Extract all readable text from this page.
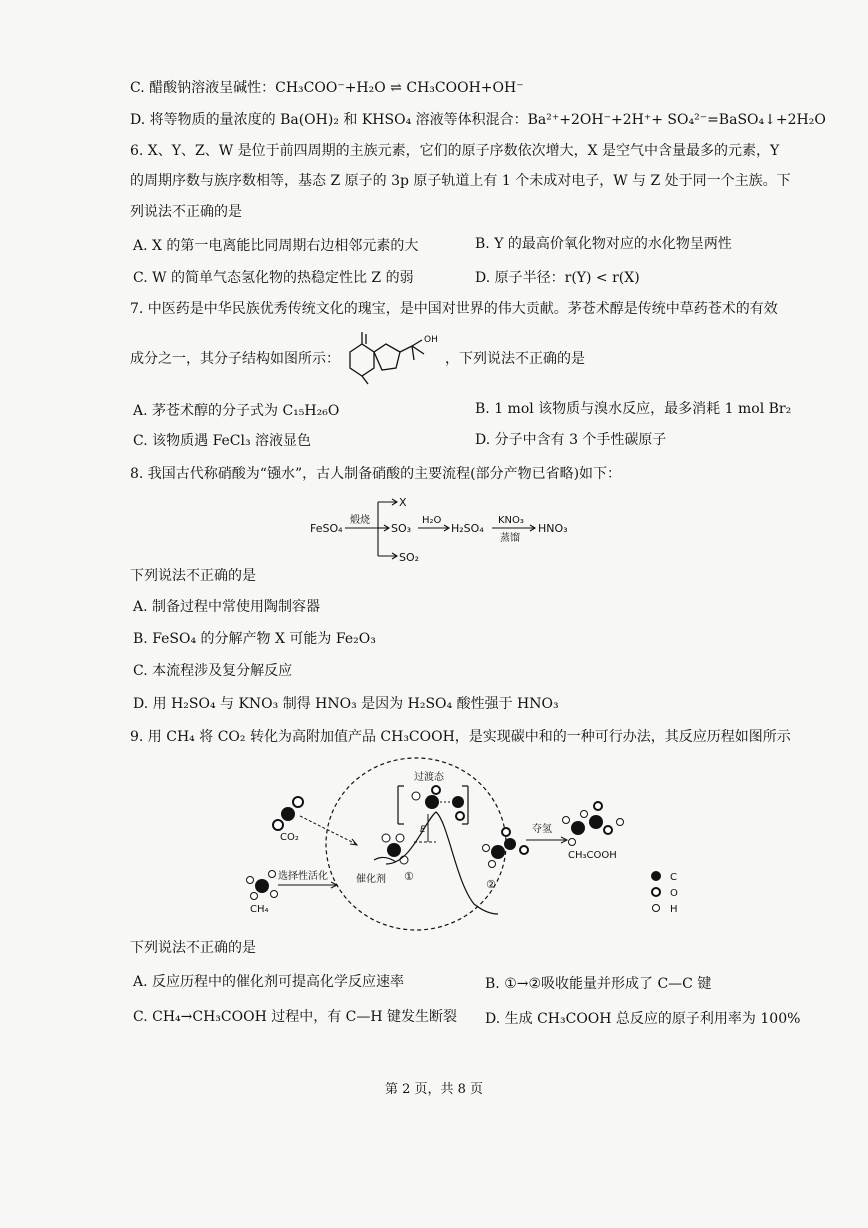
C. 醋酸钠溶液呈碱性：CH₃COO⁻+H₂O ⇌ CH₃COOH+OH⁻
D. 将等物质的量浓度的 Ba(OH)₂ 和 KHSO₄ 溶液等体积混合：Ba²⁺+2OH⁻+2H⁺+ SO₄²⁻=BaSO₄↓+2H₂O
6. X、Y、Z、W 是位于前四周期的主族元素，它们的原子序数依次增大，X 是空气中含量最多的元素，Y
的周期序数与族序数相等，基态 Z 原子的 3p 原子轨道上有 1 个未成对电子，W 与 Z 处于同一个主族。下
列说法不正确的是
A. X 的第一电离能比同周期右边相邻元素的大	B. Y 的最高价氧化物对应的水化物呈两性
C. W 的简单气态氢化物的热稳定性比 Z 的弱	D. 原子半径：r(Y) < r(X)
7. 中医药是中华民族优秀传统文化的瑰宝，是中国对世界的伟大贡献。茅苍术醇是传统中草药苍术的有效
成分之一，其分子结构如图所示：
OH
，下列说法不正确的是
A. 茅苍术醇的分子式为 C₁₅H₂₆O	B. 1 mol 该物质与溴水反应，最多消耗 1 mol Br₂
C. 该物质遇 FeCl₃ 溶液显色	D. 分子中含有 3 个手性碳原子
8. 我国古代称硝酸为“镪水”，古人制备硝酸的主要流程(部分产物已省略)如下：
FeSO₄
煅烧
X
SO₃
SO₂
H₂O
H₂SO₄
KNO₃
蒸馏
HNO₃
下列说法不正确的是
A. 制备过程中常使用陶制容器
B. FeSO₄ 的分解产物 X 可能为 Fe₂O₃
C. 本流程涉及复分解反应
D. 用 H₂SO₄ 与 KNO₃ 制得 HNO₃ 是因为 H₂SO₄ 酸性强于 HNO₃
9. 用 CH₄ 将 CO₂ 转化为高附加值产品 CH₃COOH，是实现碳中和的一种可行办法，其反应历程如图所示
CO₂
CH₄
选择性活化	催化剂 ①
过渡态
E
②
夺氢
CH₃COOH
C
O
H
下列说法不正确的是
A. 反应历程中的催化剂可提高化学反应速率	B. ①→②吸收能量并形成了 C—C 键
C. CH₄→CH₃COOH 过程中，有 C—H 键发生断裂 D. 生成 CH₃COOH 总反应的原子利用率为 100%
第 2 页，共 8 页
